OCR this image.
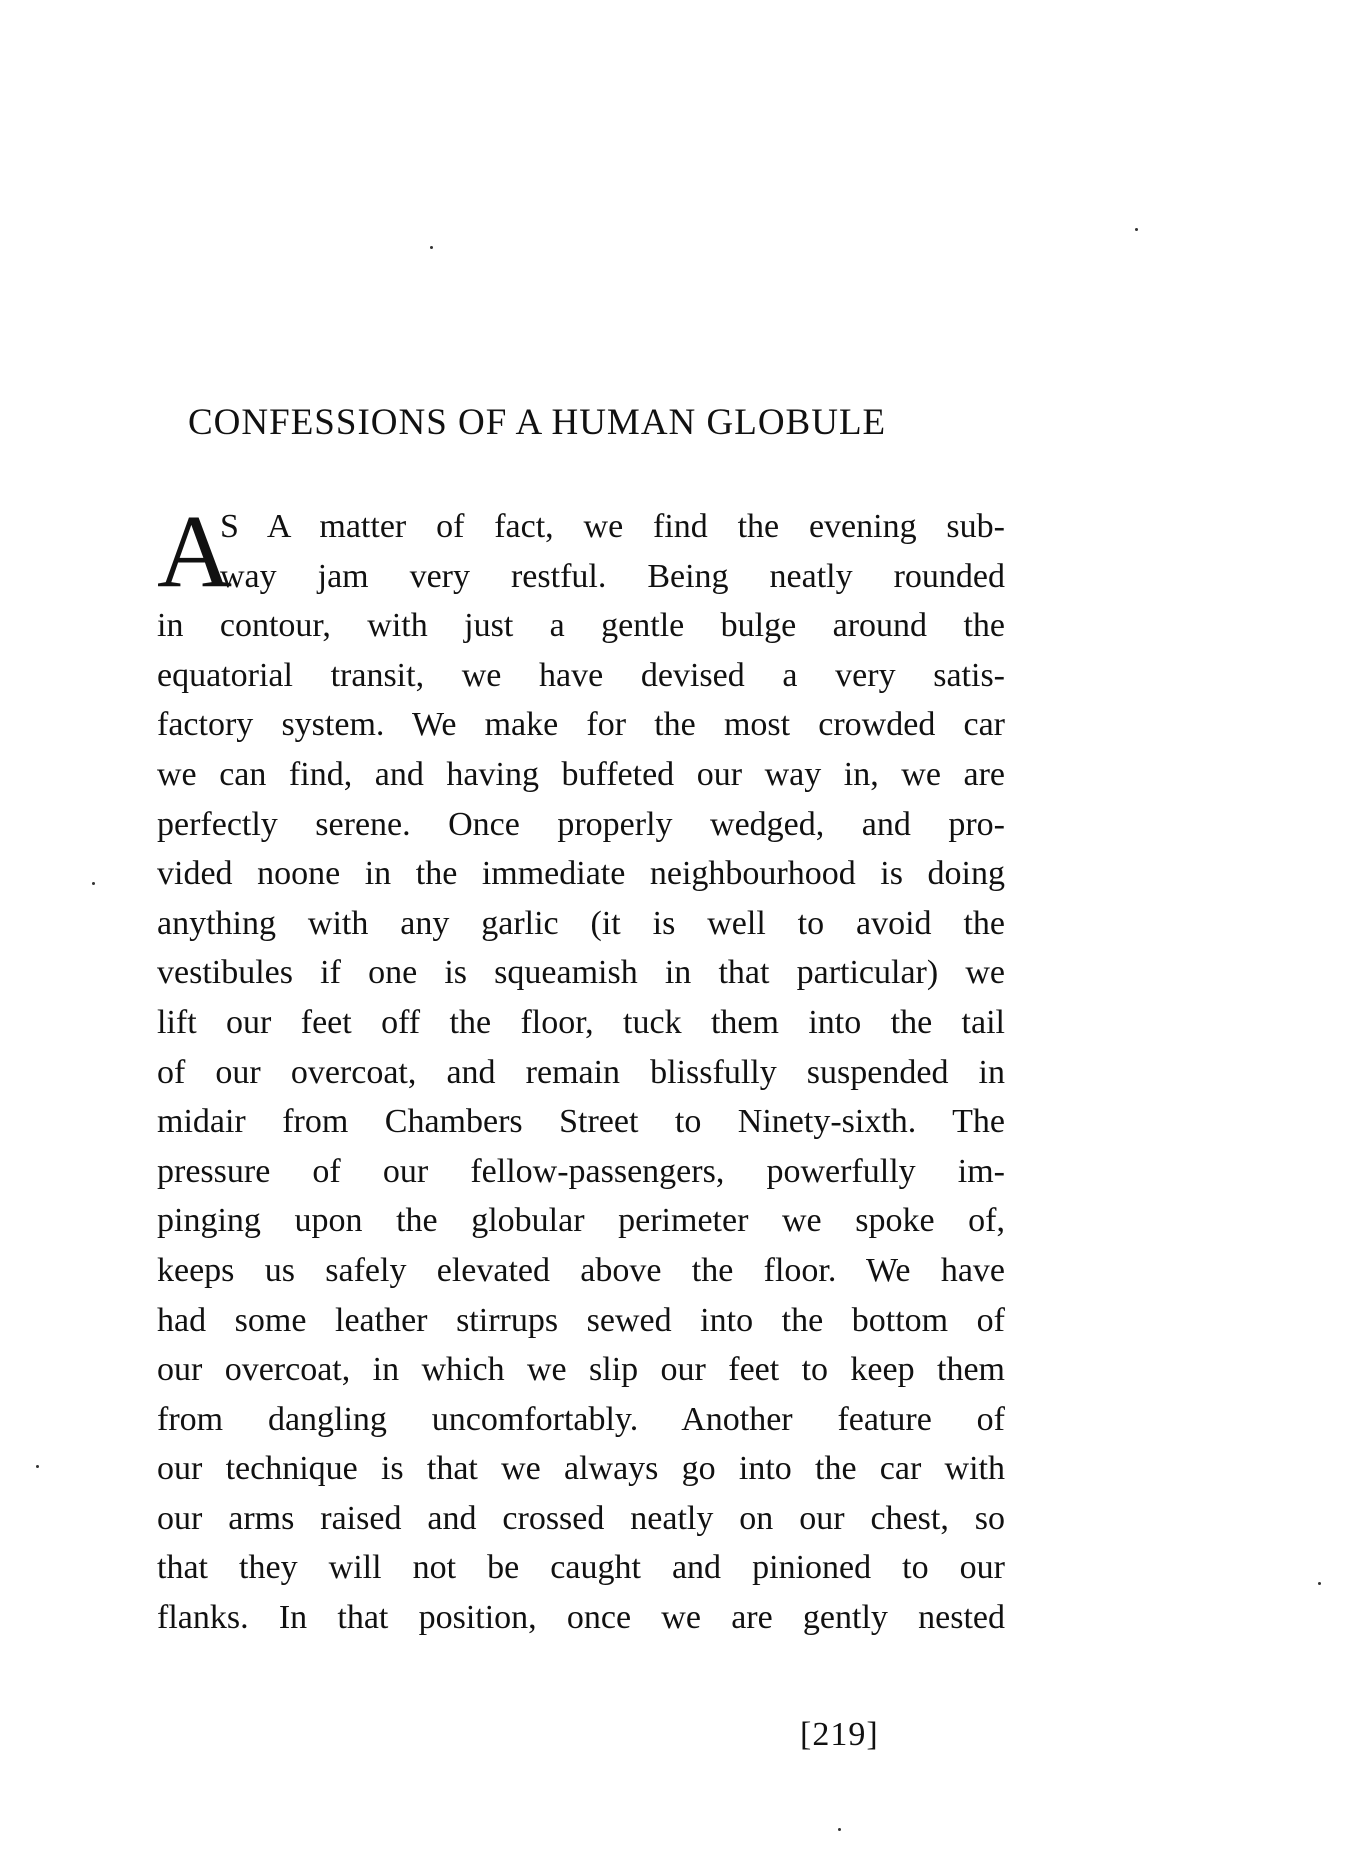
CONFESSIONS OF A HUMAN GLOBULE
A
S A matter of fact, we find the evening sub-
way jam very restful. Being neatly rounded
in contour, with just a gentle bulge around the
equatorial transit, we have devised a very satis-
factory system. We make for the most crowded car
we can find, and having buffeted our way in, we are
perfectly serene. Once properly wedged, and pro-
vided noone in the immediate neighbourhood is doing
anything with any garlic (it is well to avoid the
vestibules if one is squeamish in that particular) we
lift our feet off the floor, tuck them into the tail
of our overcoat, and remain blissfully suspended in
midair from Chambers Street to Ninety-sixth. The
pressure of our fellow-passengers, powerfully im-
pinging upon the globular perimeter we spoke of,
keeps us safely elevated above the floor. We have
had some leather stirrups sewed into the bottom of
our overcoat, in which we slip our feet to keep them
from dangling uncomfortably. Another feature of
our technique is that we always go into the car with
our arms raised and crossed neatly on our chest, so
that they will not be caught and pinioned to our
flanks. In that position, once we are gently nested
[219]
